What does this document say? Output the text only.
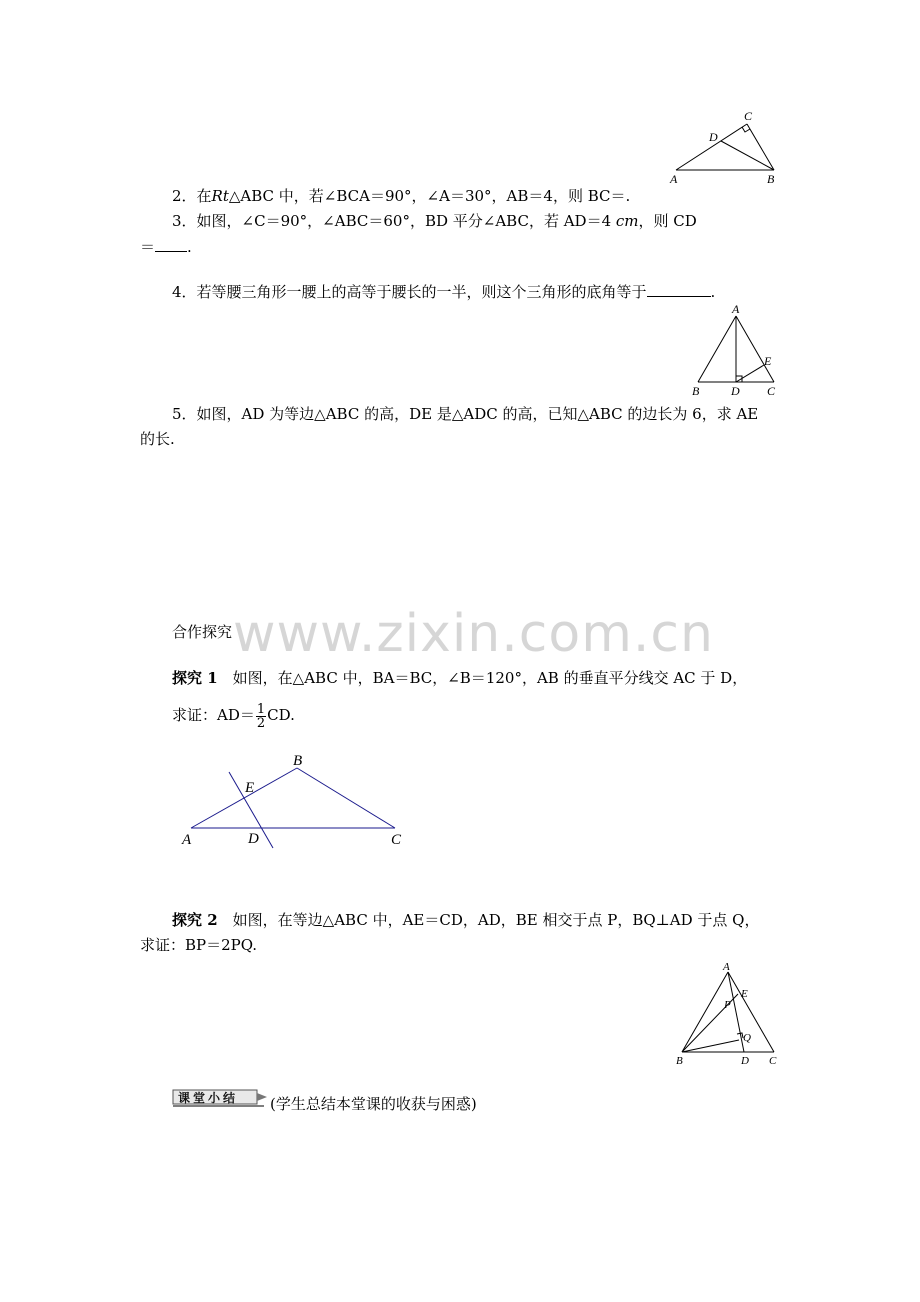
www.zixin.com.cn
C
D
A	B
2．在Rt△ABC 中，若∠BCA＝90°，∠A＝30°，AB＝4，则 BC＝.
3．如图，∠C＝90°，∠ABC＝60°，BD 平分∠ABC，若 AD＝4 cm，则 CD
＝ .
4．若等腰三角形一腰上的高等于腰长的一半，则这个三角形的底角等于	.
A
E
B	D C
5．如图，AD 为等边△ABC 的高，DE 是△ADC 的高，已知△ABC 的边长为 6，求 AE
的长.
合作探究
探究 1　如图，在△ABC 中，BA＝BC，∠B＝120°，AB 的垂直平分线交 AC 于 D，
求证：$AD= \frac{1}{2}$ CD.
B
E
A	D	C
探究 2　如图，在等边△ABC 中，AE＝CD，AD，BE 相交于点 P，BQ⊥AD 于点 Q，
求证：BP＝2PQ.
A
P
E
Q
B	D C
课堂小结 (学生总结本堂课的收获与困惑)
